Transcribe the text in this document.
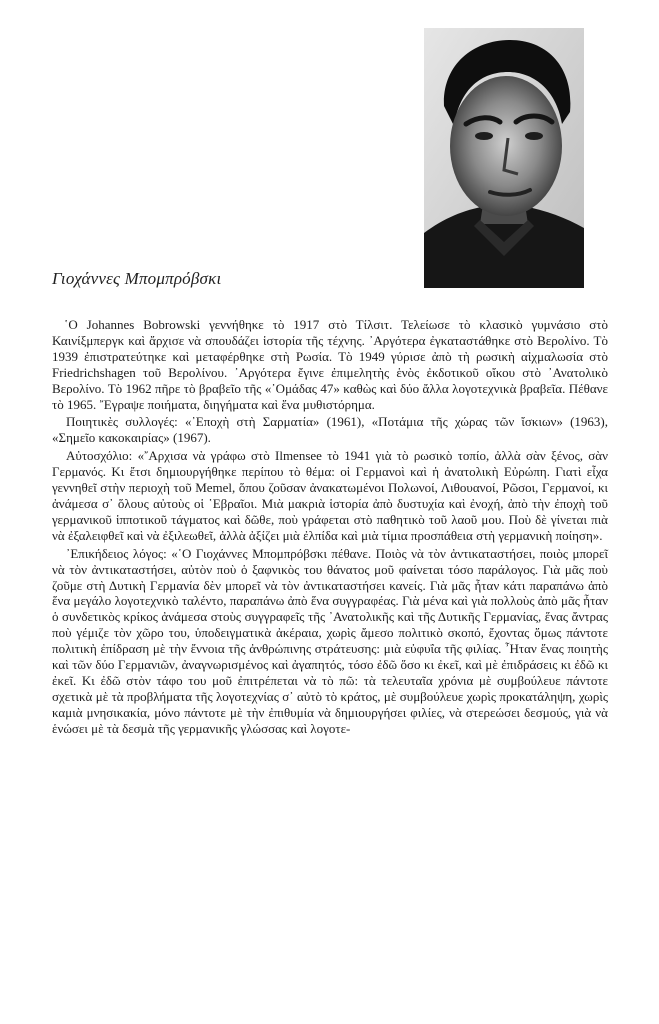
Γιοχάννες Μπομπρόβσκι

῾Ο Johannes Bobrowski γεννήθηκε τὸ 1917 στὸ Τίλσιτ. Τελείωσε τὸ κλασικὸ γυμνάσιο στὸ Καινίξμπεργκ καὶ ἄρχισε νὰ σπουδάζει ἱστορία τῆς τέχνης. ᾽Αργότερα ἐγκαταστάθηκε στὸ Βερολίνο. Τὸ 1939 ἐπιστρατεύτηκε καὶ μεταφέρθηκε στὴ Ρωσία. Τὸ 1949 γύρισε ἀπὸ τὴ ρωσικὴ αἰχμαλωσία στὸ Friedrichshagen τοῦ Βερολίνου. ᾽Αργότερα ἔγινε ἐπιμελητὴς ἑνὸς ἐκδοτικοῦ οἴκου στὸ ᾽Ανατολικὸ Βερολίνο. Τὸ 1962 πῆρε τὸ βραβεῖο τῆς «᾽Ομάδας 47» καθὼς καὶ δύο ἄλλα λογοτεχνικὰ βραβεῖα. Πέθανε τὸ 1965. ῎Εγραψε ποιήματα, διηγήματα καὶ ἕνα μυθιστόρημα.

Ποιητικὲς συλλογές: «᾽Εποχὴ στὴ Σαρματία» (1961), «Ποτάμια τῆς χώρας τῶν ἴσκιων» (1963), «Σημεῖο κακοκαιρίας» (1967).

Αὐτοσχόλιο: «῎Αρχισα νὰ γράφω στὸ Ilmensee τὸ 1941 γιὰ τὸ ρωσικὸ τοπίο, ἀλλὰ σὰν ξένος, σὰν Γερμανός. Κι ἔτσι δημιουργήθηκε περίπου τὸ θέμα: οἱ Γερμανοὶ καὶ ἡ ἀνατολικὴ Εὐρώπη. Γιατὶ εἶχα γεννηθεῖ στὴν περιοχὴ τοῦ Memel, ὅπου ζοῦσαν ἀνακατωμένοι Πολωνοί, Λιθουανοί, Ρῶσοι, Γερμανοί, κι ἀνάμεσα σ᾽ ὅλους αὐτοὺς οἱ ῾Εβραῖοι. Μιὰ μακριὰ ἱστορία ἀπὸ δυστυχία καὶ ἐνοχή, ἀπὸ τὴν ἐποχὴ τοῦ γερμανικοῦ ἱπποτικοῦ τάγματος καὶ δῶθε, ποὺ γράφεται στὸ παθητικὸ τοῦ λαοῦ μου. Ποὺ δὲ γίνεται πιὰ νὰ ἐξαλειφθεῖ καὶ νὰ ἐξιλεωθεῖ, ἀλλὰ ἀξίζει μιὰ ἐλπίδα καὶ μιὰ τίμια προσπάθεια στὴ γερμανικὴ ποίηση».

᾽Επικήδειος λόγος: «῾Ο Γιοχάννες Μπομπρόβσκι πέθανε. Ποιὸς νὰ τὸν ἀντικαταστήσει, ποιὸς μπορεῖ νὰ τὸν ἀντικαταστήσει, αὐτὸν ποὺ ὁ ξαφνικὸς του θάνατος μοῦ φαίνεται τόσο παράλογος. Γιὰ μᾶς ποὺ ζοῦμε στὴ Δυτικὴ Γερμανία δὲν μπορεῖ νὰ τὸν ἀντικαταστήσει κανείς. Γιὰ μᾶς ἦταν κάτι παραπάνω ἀπὸ ἕνα μεγάλο λογοτεχνικὸ ταλέντο, παραπάνω ἀπὸ ἕνα συγγραφέας. Γιὰ μένα καὶ γιὰ πολλοὺς ἀπὸ μᾶς ἦταν ὁ συνδετικὸς κρίκος ἀνάμεσα στοὺς συγγραφεῖς τῆς ᾽Ανατολικῆς καὶ τῆς Δυτικῆς Γερμανίας, ἕνας ἄντρας ποὺ γέμιζε τὸν χῶρο του, ὑποδειγματικὰ ἀκέραια, χωρὶς ἄμεσο πολιτικὸ σκοπό, ἔχοντας ὅμως πάντοτε πολιτικὴ ἐπίδραση μὲ τὴν ἔννοια τῆς ἀνθρώπινης στράτευσης: μιὰ εὐφυΐα τῆς φιλίας. ῏Ηταν ἕνας ποιητὴς καὶ τῶν δύο Γερμανιῶν, ἀναγνωρισμένος καὶ ἀγαπητός, τόσο ἐδῶ ὅσο κι ἐκεῖ, καὶ μὲ ἐπιδράσεις κι ἐδῶ κι ἐκεῖ. Κι ἐδῶ στὸν τάφο του μοῦ ἐπιτρέπεται νὰ τὸ πῶ: τὰ τελευταῖα χρόνια μὲ συμβούλευε πάντοτε σχετικὰ μὲ τὰ προβλήματα τῆς λογοτεχνίας σ᾽ αὐτὸ τὸ κράτος, μὲ συμβούλευε χωρὶς προκατάληψη, χωρὶς καμιὰ μνησικακία, μόνο πάντοτε μὲ τὴν ἐπιθυμία νὰ δημιουργήσει φιλίες, νὰ στερεώσει δεσμούς, γιὰ νὰ ἑνώσει μὲ τὰ δεσμὰ τῆς γερμανικῆς γλώσσας καὶ λογοτε-
